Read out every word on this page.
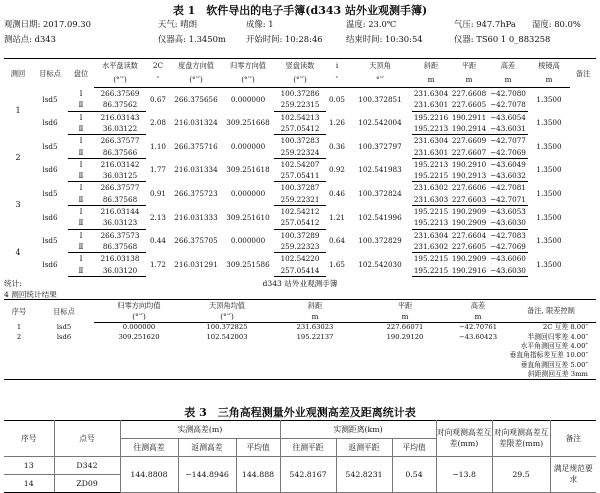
表 1　软件导出的电子手簿(d343 站外业观测手簿)
观测日期: 2017.09.30	天气: 晴朗	成像: 1	温度: 23.0℃	气压: 947.7hPa 湿度: 80.0%
测站点: d343	仪器高: 1.3450m 开始时间: 10:28:46	结束时间: 10:30:54	仪器: TS60 1 0_883258
测回	目标点	盘位	水平盘读数	2C	度盘方向值	归零方向值	竖盘读数	i	天顶角	斜距	平距	高差	棱镜高	备注
			(°′″)	″	(°′″)	(°′″)	(°′″)	″	°′″	m	m	m	m	
1	lsd5	Ⅰ	266.37569	0.67	266.375656	0.000000	100.37286	0.05	100.372851	231.6304	227.6608	−42.7080	1.3500	
		Ⅱ	86.37562				259.22315			231.6301	227.6605	−42.7078		
	lsd6	Ⅰ	216.03143	2.08	216.031324	309.251668	102.54213	1.26	102.542004	195.2216	190.2911	−43.6054	1.3500	
		Ⅱ	36.03122				257.05412			195.2213	190.2914	−43.6031		
2	lsd5	Ⅰ	266.37577	1.10	266.375716	0.000000	100.37283	0.36	100.372797	231.6304	227.6609	−42.7077	1.3500	
		Ⅱ	86.37566				259.22324			231.6301	227.6607	−42.7069		
	lsd6	Ⅰ	216.03142	1.77	216.031334	309.251618	102.54207	0.92	102.541983	195.2213	190.2910	−43.6049	1.3500	
		Ⅱ	36.03125				257.05411			195.2215	190.2913	−43.6032		
3	lsd5	Ⅰ	266.37577	0.91	266.375723	0.000000	100.37287	0.46	100.372824	231.6302	227.6606	−42.7081	1.3500	
		Ⅱ	86.37568				259.22321			231.6303	227.6603	−42.7071		
	lsd6	Ⅰ	216.03144	2.13	216.031333	309.251610	102.54212	1.21	102.541996	195.2215	190.2909	−43.6053	1.3500	
		Ⅱ	36.03123				257.05412			195.2213	190.2909	−43.6030		
4	lsd5	Ⅰ	266.37573	0.44	266.375705	0.000000	100.37289	0.64	100.372829	231.6304	227.6604	−42.7083	1.3500	
		Ⅱ	86.37568				259.22323			231.6302	227.6605	−42.7069		
	lsd6	Ⅰ	216.03138	1.72	216.031291	309.251586	102.54220	1.65	102.542030	195.2215	190.2909	−43.6060	1.3500	
		Ⅱ	36.03120				257.05414			195.2215	190.2916	−43.6030		
统计:	d343 站外业观测手簿
4 测回统计结果
序号	目标点	归零方向均值	天顶角均值	斜距	平距	高差	备注, 限差控制
		(°′″)	(°′″)	m	m	m	
1	lsd5	0.000000	100.372825	231.63023	227.66071	−42.70761	2C 互差 8.00″
2	lsd6	309.251620	102.542003	195.22137	190.29120	−43.60423	半测回归零差 4.00″
							水平角测回互差 4.00″
							垂直角指标差互差 10.00″
							垂直角测回互差 5.00″
							斜距测回互差 3mm
表 3　三角高程测量外业观测高差及距离统计表
序号	点号	实测高差(m)			实测距离(km)			对向观测高差互差(mm)	对向观测高差互差限差(mm)	备注
		往测高差	返测高差	平均值	往测平距	返测平距	平均值			
13	D342	144.8808	−144.8946	144.888	542.8167	542.8231	0.54	−13.8	29.5	满足规范要求
14	ZD09									
